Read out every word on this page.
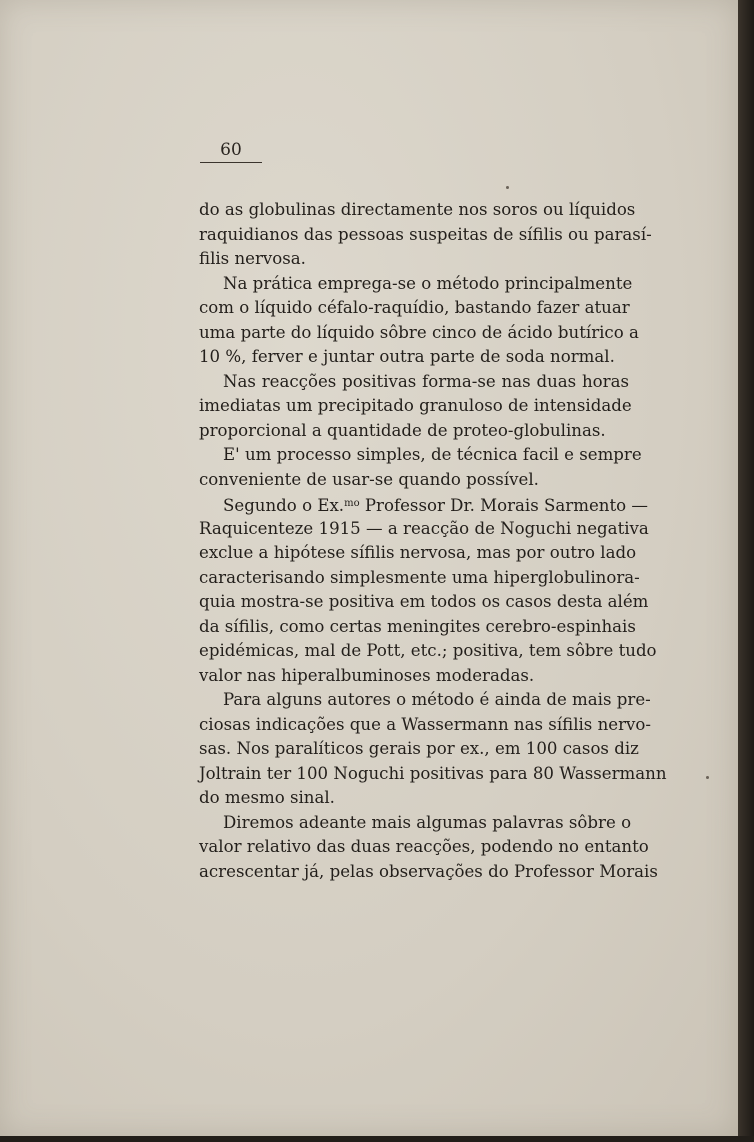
60
do as globulinas directamente nos soros ou líquidos
raquidianos das pessoas suspeitas de sífilis ou parasí-
filis nervosa.
Na prática emprega-se o método principalmente
com o líquido céfalo-raquídio, bastando fazer atuar
uma parte do líquido sôbre cinco de ácido butírico a
10 %, ferver e juntar outra parte de soda normal.
Nas reacções positivas forma-se nas duas horas
imediatas um precipitado granuloso de intensidade
proporcional a quantidade de proteo-globulinas.
E' um processo simples, de técnica facil e sempre
conveniente de usar-se quando possível.
Segundo o Ex.$^{mo}$ Professor Dr. Morais Sarmento —
Raquicenteze 1915 — a reacção de Noguchi negativa
exclue a hipótese sífilis nervosa, mas por outro lado
caracterisando simplesmente uma hiperglobulinora-
quia mostra-se positiva em todos os casos desta além
da sífilis, como certas meningites cerebro-espinhais
epidémicas, mal de Pott, etc.; positiva, tem sôbre tudo
valor nas hiperalbuminoses moderadas.
Para alguns autores o método é ainda de mais pre-
ciosas indicações que a Wassermann nas sífilis nervo-
sas. Nos paralíticos gerais por ex., em 100 casos diz
Joltrain ter 100 Noguchi positivas para 80 Wassermann
do mesmo sinal.
Diremos adeante mais algumas palavras sôbre o
valor relativo das duas reacções, podendo no entanto
acrescentar já, pelas observações do Professor Morais
